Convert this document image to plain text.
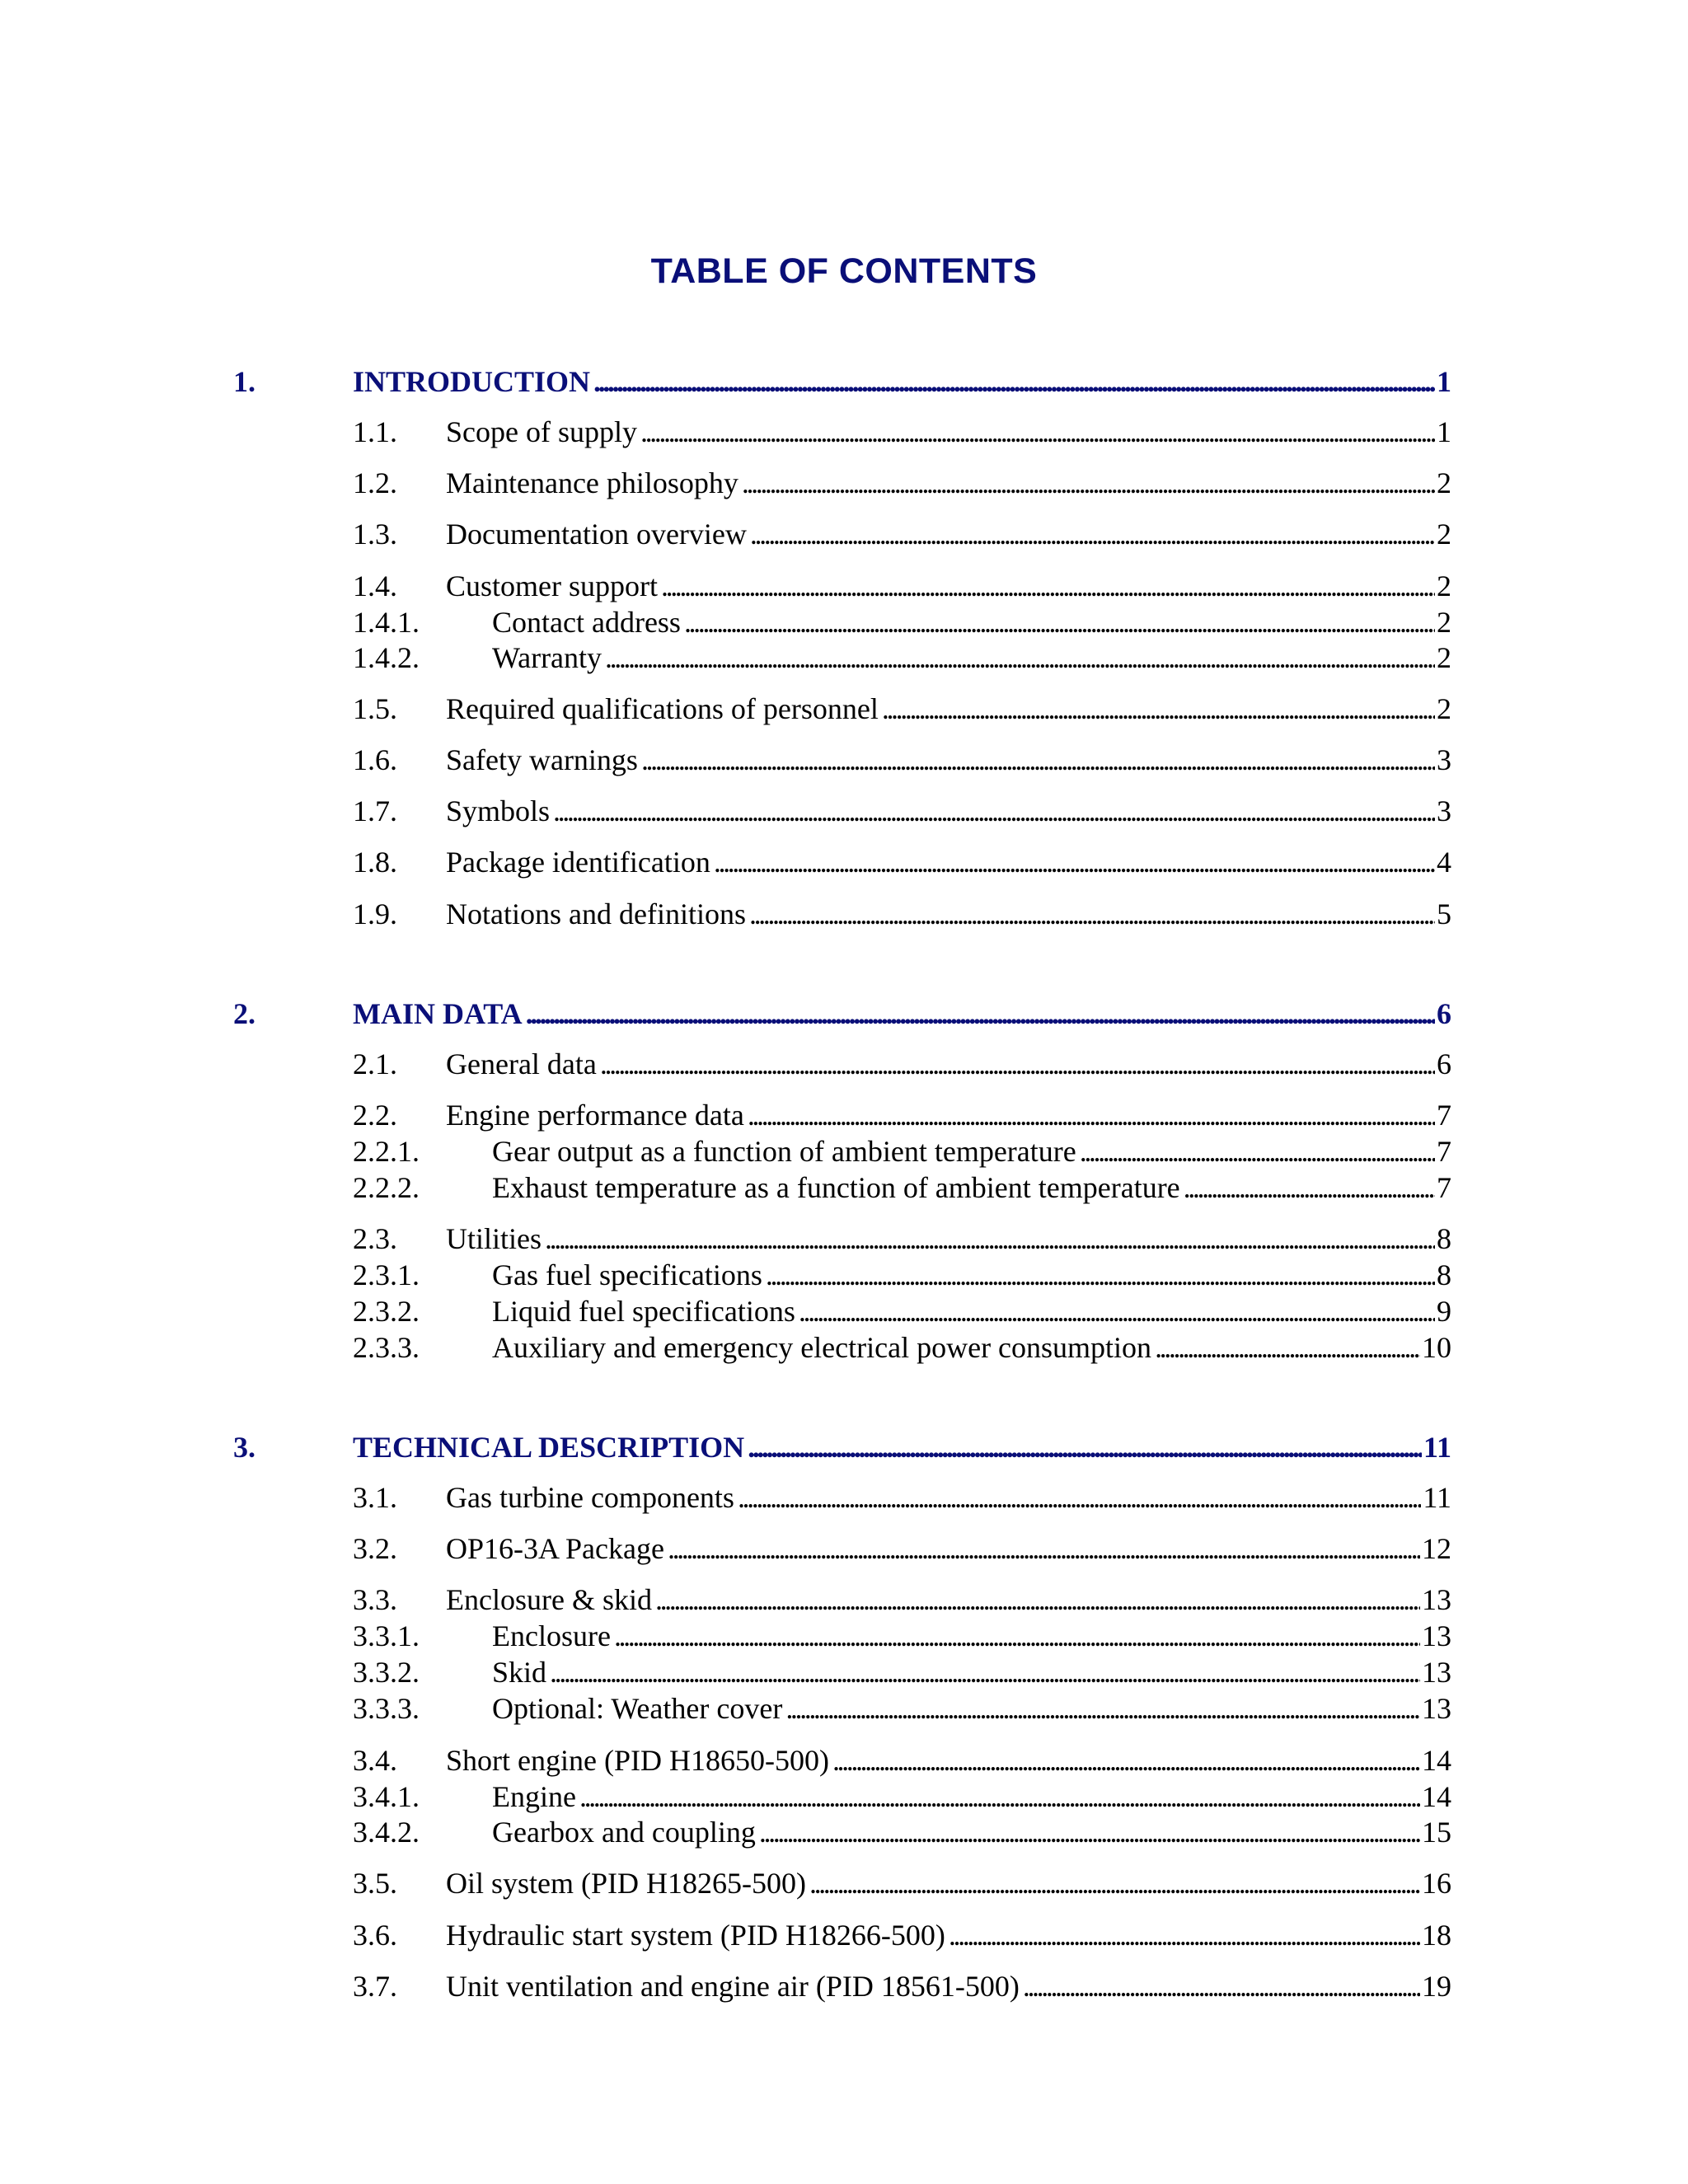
TABLE OF CONTENTS
1.	INTRODUCTION . . .	1
1.1. Scope of supply . . .	1
1.2. Maintenance philosophy . . .	2
1.3. Documentation overview . . .	2
1.4. Customer support . . .	2
1.4.1. Contact address . . .	2
1.4.2. Warranty . . .	2
1.5. Required qualifications of personnel . . .	2
1.6. Safety warnings . . .	3
1.7. Symbols . . .	3
1.8. Package identification . . .	4
1.9. Notations and definitions . . .	5
2.	MAIN DATA . . .	6
2.1. General data . . .	6
2.2. Engine performance data . . .	7
2.2.1. Gear output as a function of ambient temperature . . .	7
2.2.2. Exhaust temperature as a function of ambient temperature . . .	7
2.3. Utilities . . .	8
2.3.1. Gas fuel specifications . . .	8
2.3.2. Liquid fuel specifications . . .	9
2.3.3. Auxiliary and emergency electrical power consumption . . .	10
3.	TECHNICAL DESCRIPTION . . .	11
3.1. Gas turbine components . . .	11
3.2. OP16-3A Package . . .	12
3.3. Enclosure & skid . . .	13
3.3.1. Enclosure . . .	13
3.3.2. Skid . . .	13
3.3.3. Optional: Weather cover . . .	13
3.4. Short engine (PID H18650-500) . . .	14
3.4.1. Engine . . .	14
3.4.2. Gearbox and coupling . . .	15
3.5. Oil system (PID H18265-500) . . .	16
3.6. Hydraulic start system (PID H18266-500) . . .	18
3.7. Unit ventilation and engine air (PID 18561-500) . . .	19
